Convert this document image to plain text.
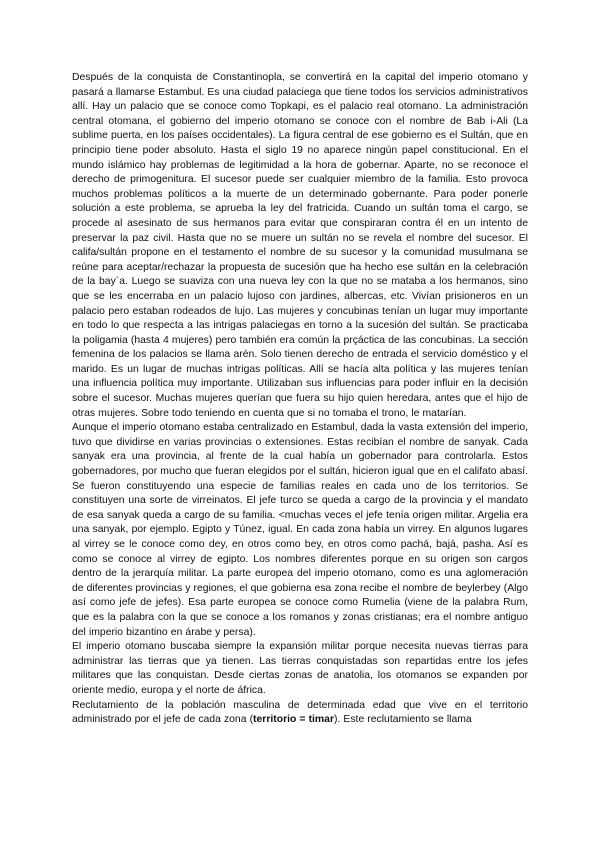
Después de la conquista de Constantinopla, se convertirá en la capital del imperio otomano y pasará a llamarse Estambul. Es una ciudad palaciega que tiene todos los servicios administrativos allí. Hay un palacio que se conoce como Topkapi, es el palacio real otomano. La administración central otomana, el gobierno del imperio otomano se conoce con el nombre de Bab i-Ali (La sublime puerta, en los países occidentales). La figura central de ese gobierno es el Sultán, que en principio tiene poder absoluto. Hasta el siglo 19 no aparece ningún papel constitucional. En el mundo islámico hay problemas de legitimidad a la hora de gobernar. Aparte, no se reconoce el derecho de primogenitura. El sucesor puede ser cualquier miembro de la familia. Esto provoca muchos problemas políticos a la muerte de un determinado gobernante. Para poder ponerle solución a este problema, se aprueba la ley del fratricida. Cuando un sultán toma el cargo, se procede al asesinato de sus hermanos para evitar que conspiraran contra él en un intento de preservar la paz civil. Hasta que no se muere un sultán no se revela el nombre del sucesor. El califa/sultán propone en el testamento el nombre de su sucesor y la comunidad musulmana se reúne para aceptar/rechazar la propuesta de sucesión que ha hecho ese sultán en la celebración de la bay`a. Luego se suaviza con una nueva ley con la que no se mataba a los hermanos, sino que se les encerraba en un palacio lujoso con jardines, albercas, etc. Vivían prisioneros en un palacio pero estaban rodeados de lujo. Las mujeres y concubinas tenían un lugar muy importante en todo lo que respecta a las intrigas palaciegas en torno a la sucesión del sultán. Se practicaba la poligamia (hasta 4 mujeres) pero también era común la prçáctica de las concubinas. La sección femenina de los palacios se llama arén. Solo tienen derecho de entrada el servicio doméstico y el marido. Es un lugar de muchas intrigas políticas. Allí se hacía alta política y las mujeres tenían una influencia política muy importante. Utilizaban sus influencias para poder influir en la decisión sobre el sucesor. Muchas mujeres querían que fuera su hijo quien heredara, antes que el hijo de otras mujeres. Sobre todo teniendo en cuenta que si no tomaba el trono, le matarían.

Aunque el imperio otomano estaba centralizado en Estambul, dada la vasta extensión del imperio, tuvo que dividirse en varias provincias o extensiones. Estas recibían el nombre de sanyak. Cada sanyak era una provincia, al frente de la cual había un gobernador para controlarla. Estos gobernadores, por mucho que fueran elegidos por el sultán, hicieron igual que en el califato abasí. Se fueron constituyendo una especie de familias reales en cada uno de los territorios. Se constituyen una sorte de virreinatos. El jefe turco se queda a cargo de la provincia y el mandato de esa sanyak queda a cargo de su familia. <muchas veces el jefe tenía origen militar. Argelia era una sanyak, por ejemplo. Egipto y Túnez, igual. En cada zona había un virrey. En algunos lugares al virrey se le conoce como dey, en otros como bey, en otros como pachá, bajá, pasha. Así es como se conoce al virrey de egipto. Los nombres diferentes porque en su origen son cargos dentro de la jerarquía militar. La parte europea del imperio otomano, como es una aglomeración de diferentes provincias y regiones, el que gobierna esa zona recibe el nombre de beylerbey (Algo así como jefe de jefes). Esa parte europea se conoce como Rumelia (viene de la palabra Rum, que es la palabra con la que se conoce a los romanos y zonas cristianas; era el nombre antiguo del imperio bizantino en árabe y persa).

El imperio otomano buscaba siempre la expansión militar porque necesita nuevas tierras para administrar las tierras que ya tienen. Las tierras conquistadas son repartidas entre los jefes militares que las conquistan. Desde ciertas zonas de anatolia, los otomanos se expanden por oriente medio, europa y el norte de áfrica.

Reclutamiento de la población masculina de determinada edad que vive en el territorio administrado por el jefe de cada zona (territorio = timar). Este reclutamiento se llama
